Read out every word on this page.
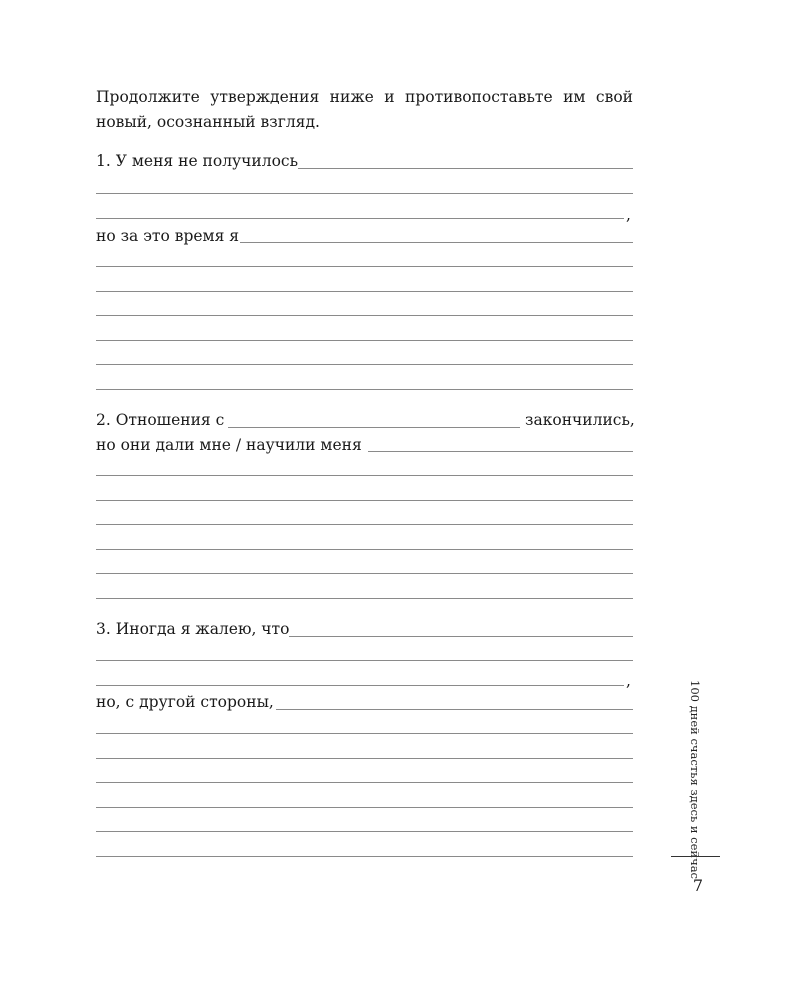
Продолжите утверждения ниже и противопоставьте им свой новый, осознанный взгляд.
1. У меня не получилось
,
но за это время я
2. Отношения с	закончились,
но они дали мне / научили меня
3. Иногда я жалею, что
,
но, с другой стороны,	100 дней счастья здесь и сейчас
7
